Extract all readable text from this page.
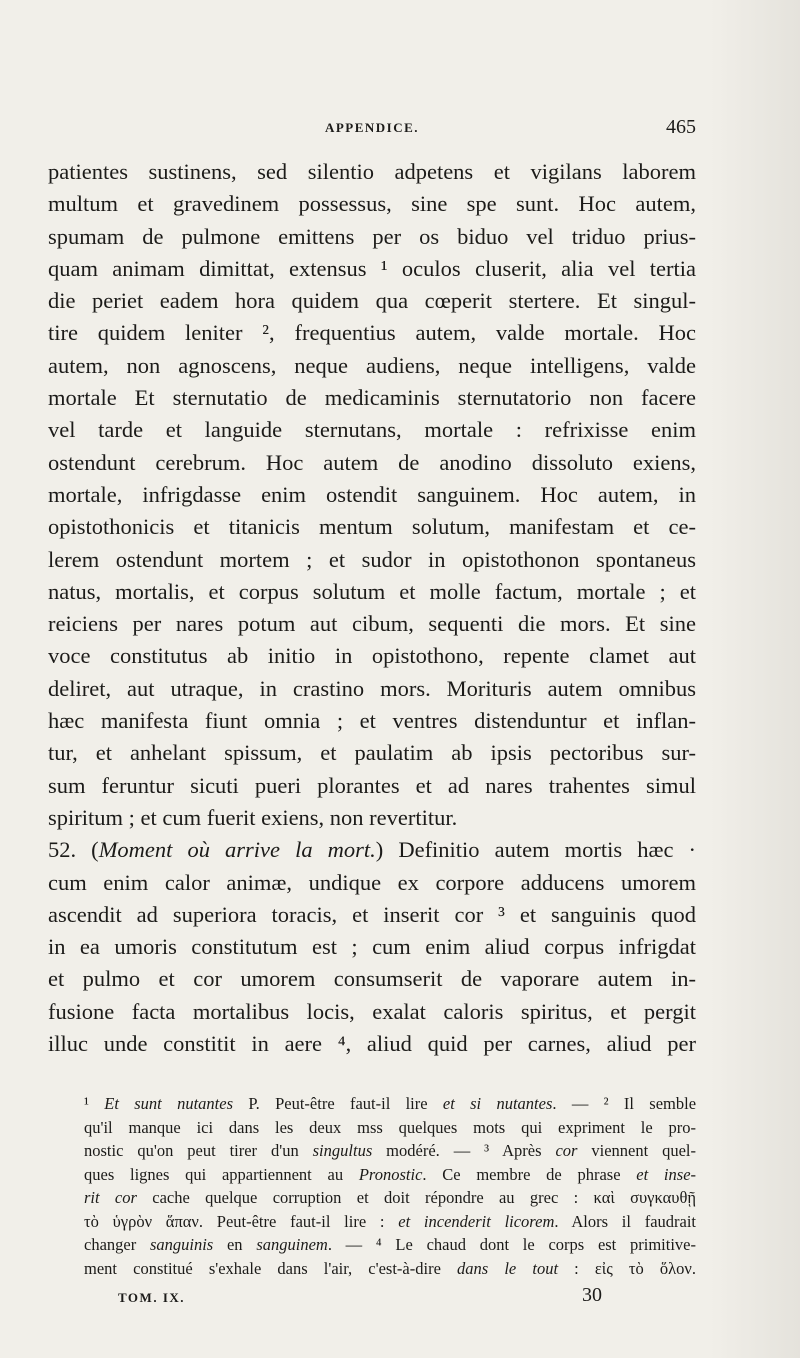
APPENDICE.	465

patientes sustinens, sed silentio adpetens et vigilans laborem
multum et gravedinem possessus, sine spe sunt. Hoc autem,
spumam de pulmone emittens per os biduo vel triduo prius-
quam animam dimittat, extensus ¹ oculos cluserit, alia vel tertia
die periet eadem hora quidem qua cœperit stertere. Et singul-
tire quidem leniter ², frequentius autem, valde mortale. Hoc
autem, non agnoscens, neque audiens, neque intelligens, valde
mortale Et sternutatio de medicaminis sternutatorio non facere
vel tarde et languide sternutans, mortale : refrixisse enim
ostendunt cerebrum. Hoc autem de anodino dissoluto exiens,
mortale, infrigdasse enim ostendit sanguinem. Hoc autem, in
opistothonicis et titanicis mentum solutum, manifestam et ce-
lerem ostendunt mortem ; et sudor in opistothonon spontaneus
natus, mortalis, et corpus solutum et molle factum, mortale ; et
reiciens per nares potum aut cibum, sequenti die mors. Et sine
voce constitutus ab initio in opistothono, repente clamet aut
deliret, aut utraque, in crastino mors. Morituris autem omnibus
hæc manifesta fiunt omnia ; et ventres distenduntur et inflan-
tur, et anhelant spissum, et paulatim ab ipsis pectoribus sur-
sum feruntur sicuti pueri plorantes et ad nares trahentes simul
spiritum ; et cum fuerit exiens, non revertitur.

52. (Moment où arrive la mort.) Definitio autem mortis hæc ·
cum enim calor animæ, undique ex corpore adducens umorem
ascendit ad superiora toracis, et inserit cor ³ et sanguinis quod
in ea umoris constitutum est ; cum enim aliud corpus infrigdat
et pulmo et cor umorem consumserit de vaporare autem in-
fusione facta mortalibus locis, exalat caloris spiritus, et pergit
illuc unde constitit in aere ⁴, aliud quid per carnes, aliud per

¹ Et sunt nutantes P. Peut-être faut-il lire et si nutantes. — ² Il semble
qu'il manque ici dans les deux mss quelques mots qui expriment le pro-
nostic qu'on peut tirer d'un singultus modéré. — ³ Après cor viennent quel-
ques lignes qui appartiennent au Pronostic. Ce membre de phrase et inse-
rit cor cache quelque corruption et doit répondre au grec : καὶ συγκαυθῇ
τὸ ὑγρὸν ἅπαν. Peut-être faut-il lire : et incenderit licorem. Alors il faudrait
changer sanguinis en sanguinem. — ⁴ Le chaud dont le corps est primitive-
ment constitué s'exhale dans l'air, c'est-à-dire dans le tout : εἰς τὸ ὅλον.
TOM. IX.	30
